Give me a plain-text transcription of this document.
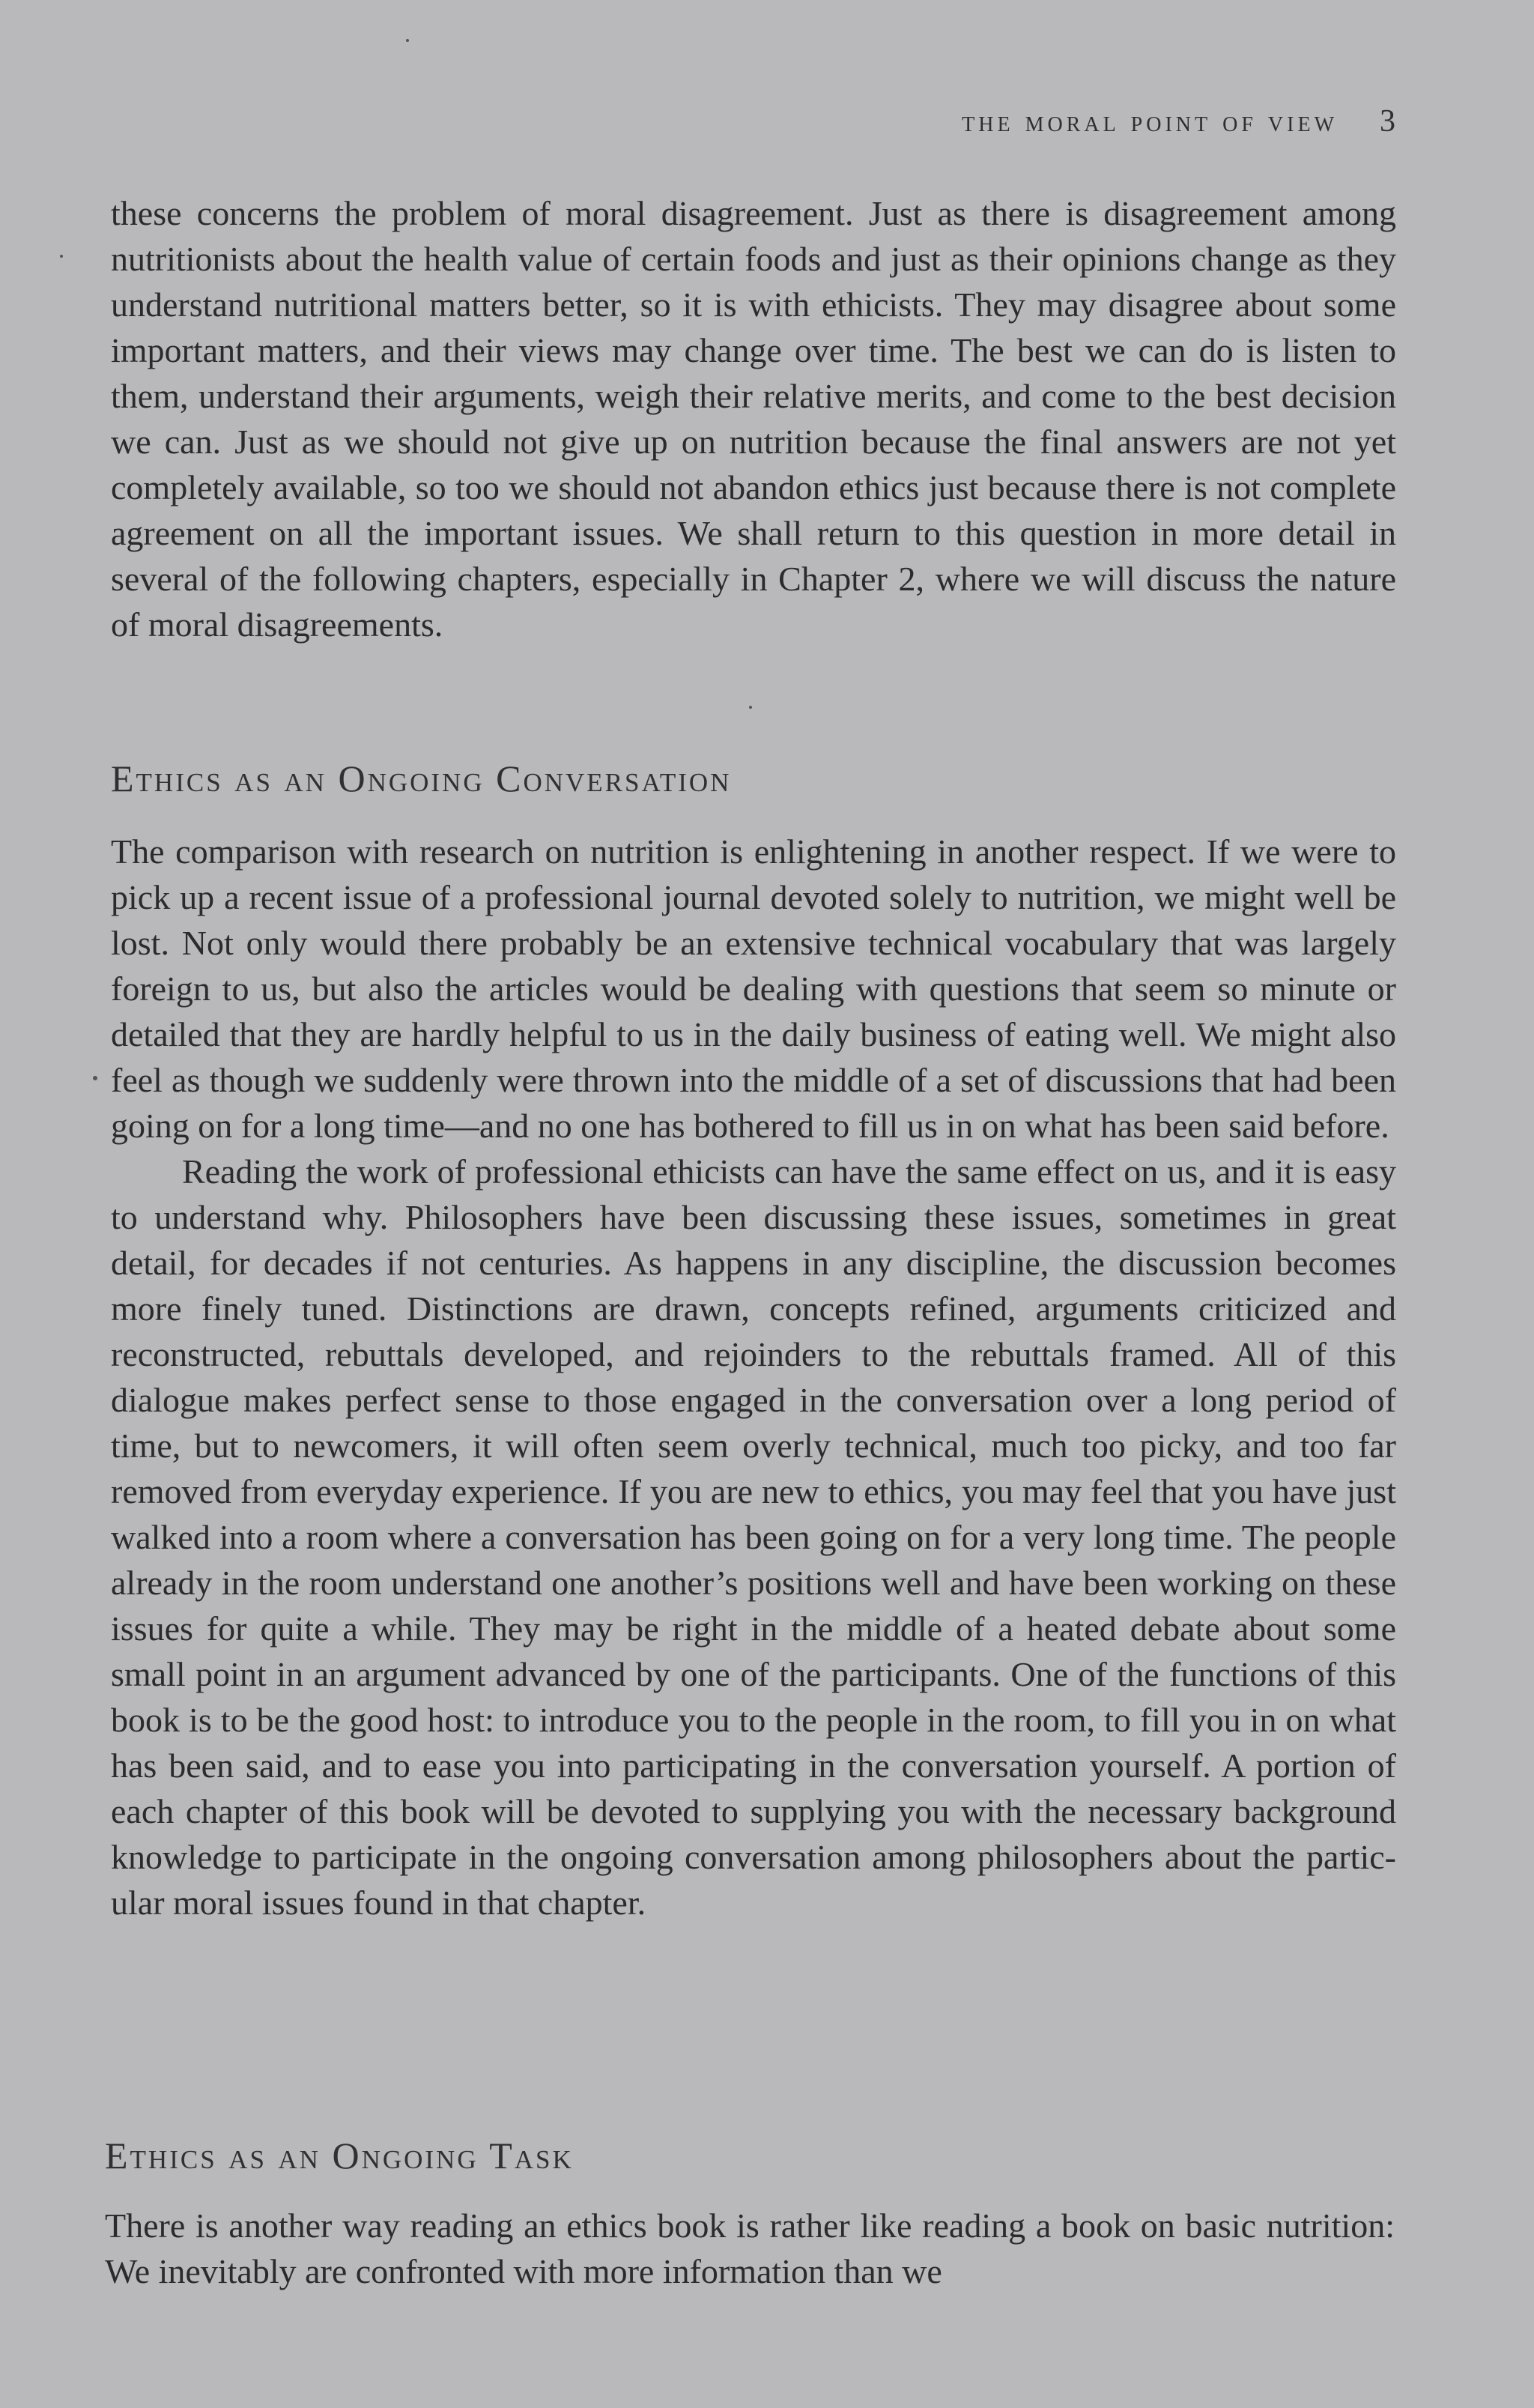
the moral point of view 3

these concerns the problem of moral disagreement. Just as there is disagreement among nutritionists about the health value of certain foods and just as their opinions change as they understand nutritional matters better, so it is with ethicists. They may disagree about some important matters, and their views may change over time. The best we can do is listen to them, understand their arguments, weigh their relative merits, and come to the best decision we can. Just as we should not give up on nutrition because the final answers are not yet completely available, so too we should not abandon ethics just because there is not complete agreement on all the important issues. We shall return to this question in more detail in several of the following chapters, especially in Chapter 2, where we will discuss the nature of moral disagreements.

Ethics as an Ongoing Conversation

The comparison with research on nutrition is enlightening in another respect. If we were to pick up a recent issue of a professional journal devoted solely to nutrition, we might well be lost. Not only would there probably be an extensive technical vocabulary that was largely foreign to us, but also the articles would be dealing with questions that seem so minute or detailed that they are hardly helpful to us in the daily business of eating well. We might also feel as though we suddenly were thrown into the middle of a set of discussions that had been going on for a long time—and no one has bothered to fill us in on what has been said before.

Reading the work of professional ethicists can have the same effect on us, and it is easy to understand why. Philosophers have been discussing these issues, sometimes in great detail, for decades if not centuries. As happens in any discipline, the discussion becomes more finely tuned. Distinctions are drawn, concepts refined, arguments criticized and reconstructed, rebuttals developed, and rejoinders to the rebuttals framed. All of this dialogue makes perfect sense to those engaged in the conversation over a long period of time, but to newcomers, it will often seem overly technical, much too picky, and too far removed from everyday experience. If you are new to ethics, you may feel that you have just walked into a room where a conversation has been going on for a very long time. The people already in the room understand one another’s positions well and have been working on these issues for quite a while. They may be right in the middle of a heated debate about some small point in an argument advanced by one of the participants. One of the functions of this book is to be the good host: to introduce you to the people in the room, to fill you in on what has been said, and to ease you into participating in the conversation yourself. A portion of each chapter of this book will be devoted to supplying you with the necessary background knowledge to participate in the ongoing conversation among philosophers about the particular moral issues found in that chapter.

Ethics as an Ongoing Task

There is another way reading an ethics book is rather like reading a book on basic nutrition: We inevitably are confronted with more information than we
